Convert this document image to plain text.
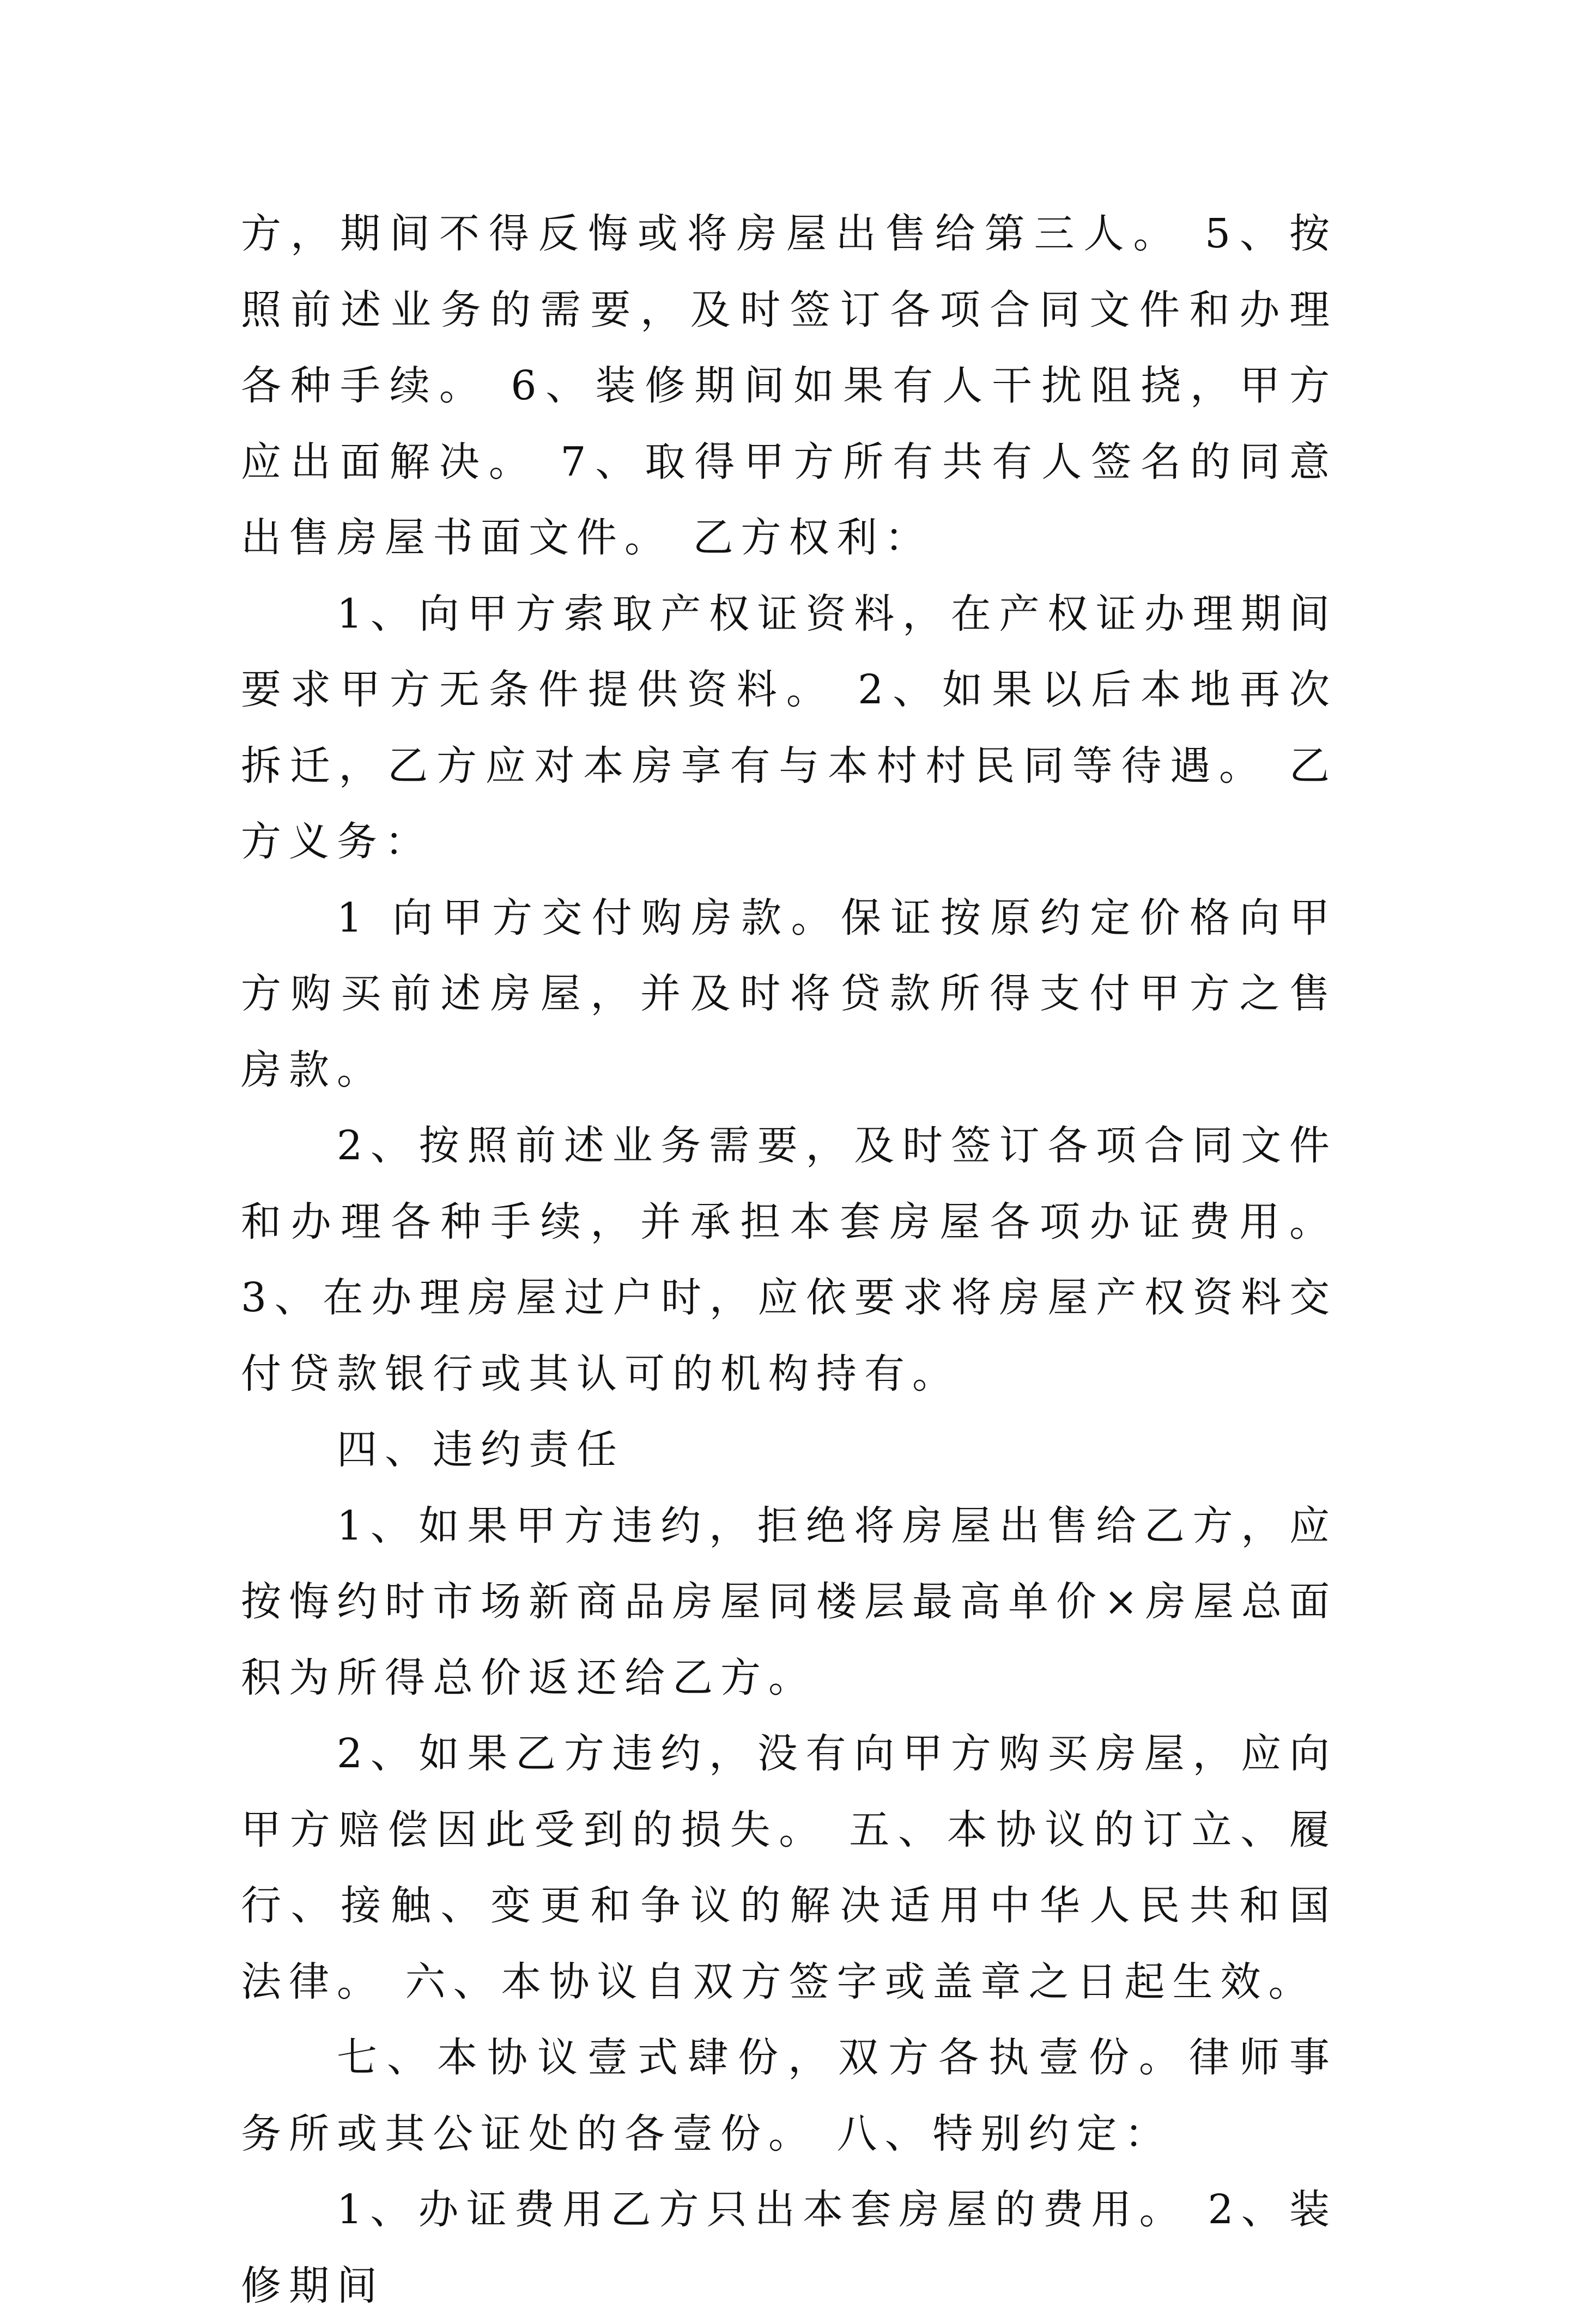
方，期间不得反悔或将房屋出售给第三人。 5、按照前述业务的需要，及时签订各项合同文件和办理各种手续。 6、装修期间如果有人干扰阻挠，甲方应出面解决。 7、取得甲方所有共有人签名的同意出售房屋书面文件。 乙方权利：

1、向甲方索取产权证资料，在产权证办理期间要求甲方无条件提供资料。 2、如果以后本地再次拆迁，乙方应对本房享有与本村村民同等待遇。 乙方义务：

1 向甲方交付购房款。保证按原约定价格向甲方购买前述房屋，并及时将贷款所得支付甲方之售房款。

2、按照前述业务需要，及时签订各项合同文件和办理各种手续，并承担本套房屋各项办证费用。 3、在办理房屋过户时，应依要求将房屋产权资料交付贷款银行或其认可的机构持有。

四、违约责任

1、如果甲方违约，拒绝将房屋出售给乙方，应按悔约时市场新商品房屋同楼层最高单价×房屋总面积为所得总价返还给乙方。

2、如果乙方违约，没有向甲方购买房屋，应向甲方赔偿因此受到的损失。 五、本协议的订立、履行、接触、变更和争议的解决适用中华人民共和国法律。 六、本协议自双方签字或盖章之日起生效。

七、本协议壹式肆份，双方各执壹份。律师事务所或其公证处的各壹份。 八、特别约定：

1、办证费用乙方只出本套房屋的费用。 2、装修期间
